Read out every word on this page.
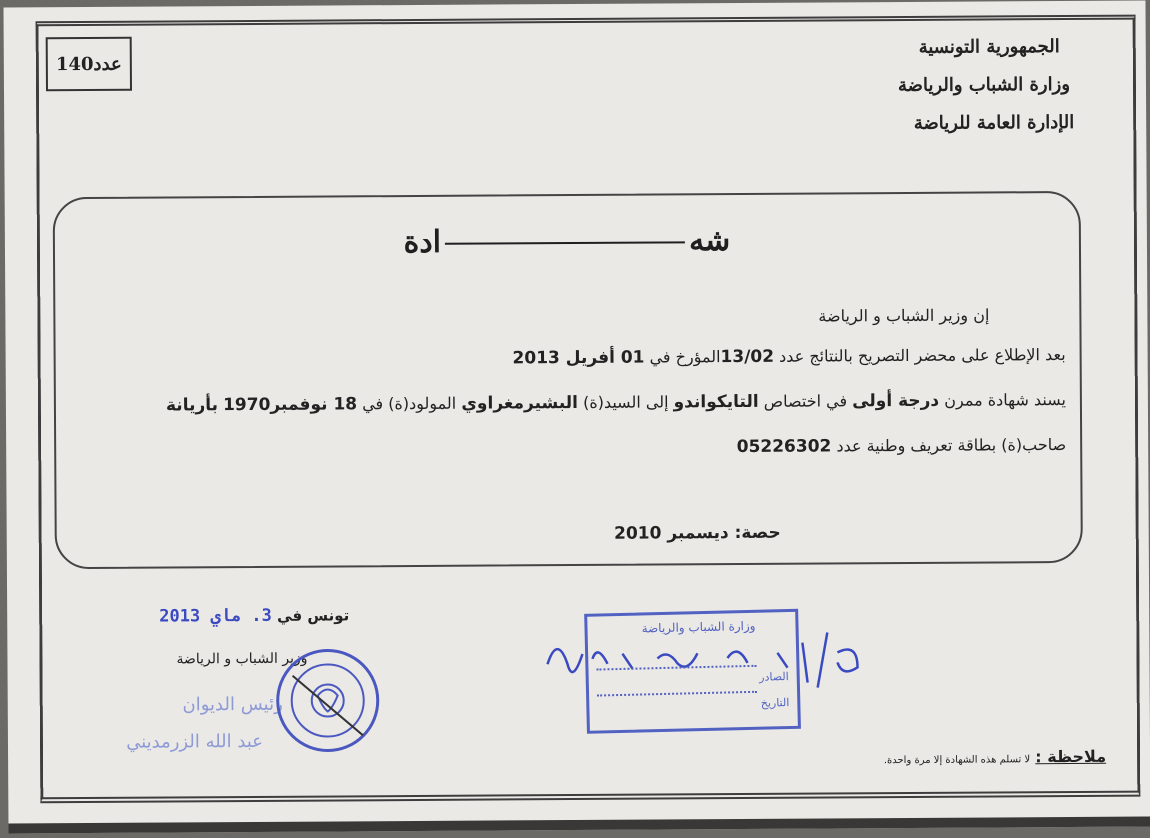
عدد
140
الجمهورية التونسية
وزارة الشباب والرياضة
الإدارة العامة للرياضة
شهادة
إن وزير الشباب و الرياضة
بعد الإطلاع على محضر التصريح بالنتائج عدد 13/02المؤرخ في 01 أفريل 2013
يسند شهادة ممرن درجة أولى في اختصاص التايكواندو إلى السيد(ة) البشيرمغراوي المولود(ة) في 18 نوفمبر1970 بأريانة
صاحب(ة) بطاقة تعريف وطنية عدد 05226302
حصة: ديسمبر 2010
تونس في 3. ماي 2013
وزير الشباب و الرياضة
رئيس الديوان
عبد الله الزرمديني
وزارة الشباب والرياضة
الصادر
التاريخ
ملاحظة : لا تسلم هذه الشهادة إلا مرة واحدة.
